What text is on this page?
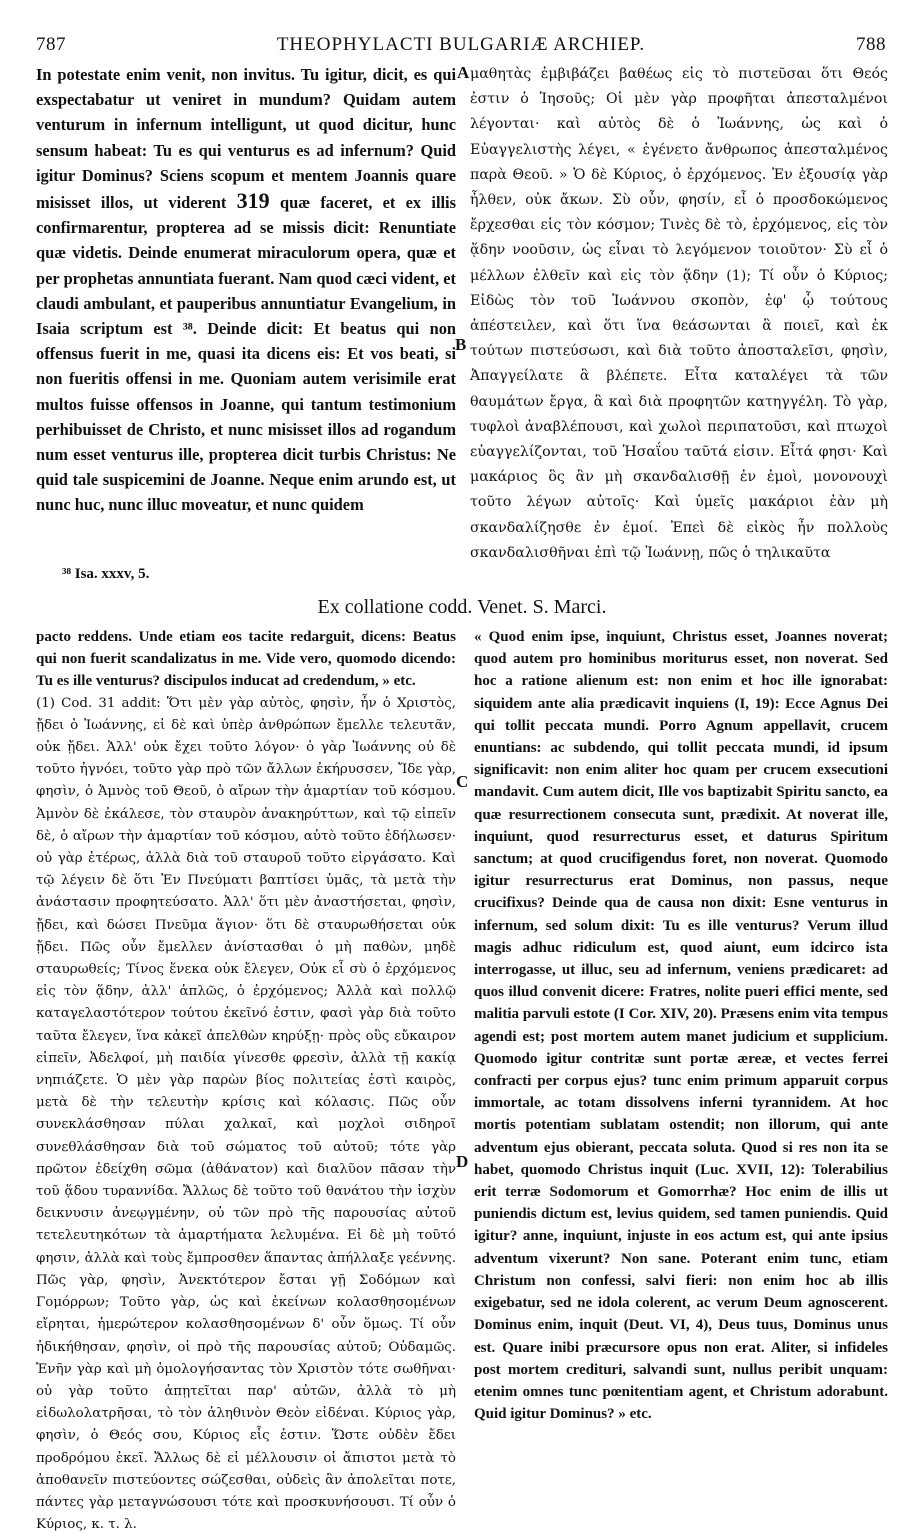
787	THEOPHYLACTI BULGARIÆ ARCHIEP.	788

In potestate enim venit, non invitus. Tu igitur, dicit, es qui exspectabatur ut veniret in mundum? Quidam autem venturum in infernum intelligunt, ut quod dicitur, hunc sensum habeat: Tu es qui venturus es ad infernum? Quid igitur Dominus? Sciens scopum et mentem Joannis quare misisset illos, ut viderent 319 quæ faceret, et ex illis confirmarentur, propterea ad se missis dicit: Renuntiate quæ videtis. Deinde enumerat miraculorum opera, quæ et per prophetas annuntiata fuerant. Nam quod cæci vident, et claudi ambulant, et pauperibus annuntiatur Evangelium, in Isaia scriptum est ³⁸. Deinde dicit: Et beatus qui non offensus fuerit in me, quasi ita dicens eis: Et vos beati, si non fueritis offensi in me. Quoniam autem verisimile erat multos fuisse offensos in Joanne, qui tantum testimonium perhibuisset de Christo, et nunc misisset illos ad rogandum num esset venturus ille, propterea dicit turbis Christus: Ne quid tale suspicemini de Joanne. Neque enim arundo est, ut nunc huc, nunc illuc moveatur, et nunc quidem

A
B

μαθητὰς ἐμβιβάζει βαθέως εἰς τὸ πιστεῦσαι ὅτι Θεός ἐστιν ὁ Ἰησοῦς; Οἱ μὲν γὰρ προφῆται ἀπεσταλμένοι λέγονται· καὶ αὐτὸς δὲ ὁ Ἰωάννης, ὡς καὶ ὁ Εὐαγγελιστὴς λέγει, « ἐγένετο ἄνθρωπος ἀπεσταλμένος παρὰ Θεοῦ. » Ὁ δὲ Κύριος, ὁ ἐρχόμενος. Ἐν ἐξουσίᾳ γὰρ ἦλθεν, οὐκ ἄκων. Σὺ οὖν, φησίν, εἶ ὁ προσδοκώμενος ἔρχεσθαι εἰς τὸν κόσμον; Τινὲς δὲ τὸ, ἐρχόμενος, εἰς τὸν ᾅδην νοοῦσιν, ὡς εἶναι τὸ λεγόμενον τοιοῦτον· Σὺ εἶ ὁ μέλλων ἐλθεῖν καὶ εἰς τὸν ᾅδην (1); Τί οὖν ὁ Κύριος; Εἰδὼς τὸν τοῦ Ἰωάννου σκοπὸν, ἐφ' ᾧ τούτους ἀπέστειλεν, καὶ ὅτι ἵνα θεάσωνται ἃ ποιεῖ, καὶ ἐκ τούτων πιστεύσωσι, καὶ διὰ τοῦτο ἀποσταλεῖσι, φησὶν, Ἀπαγγείλατε ἃ βλέπετε. Εἶτα καταλέγει τὰ τῶν θαυμάτων ἔργα, ἃ καὶ διὰ προφητῶν κατηγγέλη. Τὸ γὰρ, τυφλοὶ ἀναβλέπουσι, καὶ χωλοὶ περιπατοῦσι, καὶ πτωχοὶ εὐαγγελίζονται, τοῦ Ἡσαΐου ταῦτά εἰσιν. Εἶτά φησι· Καὶ μακάριος ὃς ἂν μὴ σκανδαλισθῇ ἐν ἐμοὶ, μονονουχὶ τοῦτο λέγων αὐτοῖς· Καὶ ὑμεῖς μακάριοι ἐὰν μὴ σκανδαλίζησθε ἐν ἐμοί. Ἐπεὶ δὲ εἰκὸς ἦν πολλοὺς σκανδαλισθῆναι ἐπὶ τῷ Ἰωάννῃ, πῶς ὁ τηλικαῦτα

³⁸ Isa. xxxv, 5.
Ex collatione codd. Venet. S. Marci.

pacto reddens. Unde etiam eos tacite redarguit, dicens: Beatus qui non fuerit scandalizatus in me. Vide vero, quomodo dicendo: Tu es ille venturus? discipulos inducat ad credendum, » etc.

(1) Cod. 31 addit: Ὅτι μὲν γὰρ αὐτὸς, φησὶν, ἦν ὁ Χριστὸς, ᾔδει ὁ Ἰωάννης, εἰ δὲ καὶ ὑπὲρ ἀνθρώπων ἔμελλε τελευτᾶν, οὐκ ᾔδει. Ἀλλ' οὐκ ἔχει τοῦτο λόγον· ὁ γὰρ Ἰωάννης οὐ δὲ τοῦτο ἠγνόει, τοῦτο γὰρ πρὸ τῶν ἄλλων ἐκήρυσσεν, Ἴδε γὰρ, φησὶν, ὁ Ἀμνὸς τοῦ Θεοῦ, ὁ αἴρων τὴν ἁμαρτίαν τοῦ κόσμου. Ἀμνὸν δὲ ἐκάλεσε, τὸν σταυρὸν ἀνακηρύττων, καὶ τῷ εἰπεῖν δὲ, ὁ αἴρων τὴν ἁμαρτίαν τοῦ κόσμου, αὐτὸ τοῦτο ἐδήλωσεν· οὐ γὰρ ἑτέρως, ἀλλὰ διὰ τοῦ σταυροῦ τοῦτο εἰργάσατο. Καὶ τῷ λέγειν δὲ ὅτι Ἐν Πνεύματι βαπτίσει ὑμᾶς, τὰ μετὰ τὴν ἀνάστασιν προφητεύσατο. Ἀλλ' ὅτι μὲν ἀναστήσεται, φησὶν, ᾔδει, καὶ δώσει Πνεῦμα ἅγιον· ὅτι δὲ σταυρωθήσεται οὐκ ᾔδει. Πῶς οὖν ἔμελλεν ἀνίστασθαι ὁ μὴ παθὼν, μηδὲ σταυρωθείς; Τίνος ἕνεκα οὐκ ἔλεγεν, Οὐκ εἶ σὺ ὁ ἐρχόμενος εἰς τὸν ᾅδην, ἀλλ' ἁπλῶς, ὁ ἐρχόμενος; Ἀλλὰ καὶ πολλῷ καταγελαστότερον τούτου ἐκεῖνό ἐστιν, φασὶ γὰρ διὰ τοῦτο ταῦτα ἔλεγεν, ἵνα κἀκεῖ ἀπελθὼν κηρύξῃ· πρὸς οὓς εὔκαιρον εἰπεῖν, Ἀδελφοί, μὴ παιδία γίνεσθε φρεσὶν, ἀλλὰ τῇ κακίᾳ νηπιάζετε. Ὁ μὲν γὰρ παρὼν βίος πολιτείας ἐστὶ καιρὸς, μετὰ δὲ τὴν τελευτὴν κρίσις καὶ κόλασις. Πῶς οὖν συνεκλάσθησαν πύλαι χαλκαῖ, καὶ μοχλοὶ σιδηροῖ συνεθλάσθησαν διὰ τοῦ σώματος τοῦ αὐτοῦ; τότε γὰρ πρῶτον ἐδείχθη σῶμα (ἀθάνατον) καὶ διαλῦον πᾶσαν τὴν τοῦ ᾅδου τυραννίδα. Ἄλλως δὲ τοῦτο τοῦ θανάτου τὴν ἰσχὺν δεικνυσιν ἀνεῳγμένην, οὐ τῶν πρὸ τῆς παρουσίας αὐτοῦ τετελευτηκότων τὰ ἁμαρτήματα λελυμένα. Εἰ δὲ μὴ τοῦτό φησιν, ἀλλὰ καὶ τοὺς ἔμπροσθεν ἅπαντας ἀπήλλαξε γεέννης. Πῶς γὰρ, φησὶν, Ἀνεκτότερον ἔσται γῇ Σοδόμων καὶ Γομόρρων; Τοῦτο γὰρ, ὡς καὶ ἐκείνων κολασθησομένων εἴρηται, ἠμερώτερον κολασθησομένων δ' οὖν ὅμως. Τί οὖν ἠδικήθησαν, φησὶν, οἱ πρὸ τῆς παρουσίας αὐτοῦ; Οὐδαμῶς. Ἐνῆν γὰρ καὶ μὴ ὁμολογήσαντας τὸν Χριστὸν τότε σωθῆναι· οὐ γὰρ τοῦτο ἀπῃτεῖται παρ' αὐτῶν, ἀλλὰ τὸ μὴ εἰδωλολατρῆσαι, τὸ τὸν ἀληθινὸν Θεὸν εἰδέναι. Κύριος γὰρ, φησὶν, ὁ Θεός σου, Κύριος εἷς ἐστιν. Ὥστε οὐδὲν ἔδει προδρόμου ἐκεῖ. Ἄλλως δὲ εἰ μέλλουσιν οἱ ἄπιστοι μετὰ τὸ ἀποθανεῖν πιστεύοντες σώζεσθαι, οὐδεὶς ἂν ἀπολεῖται ποτε, πάντες γὰρ μεταγνώσουσι τότε καὶ προσκυνήσουσι. Τί οὖν ὁ Κύριος, κ. τ. λ.

C
D

« Quod enim ipse, inquiunt, Christus esset, Joannes noverat; quod autem pro hominibus moriturus esset, non noverat. Sed hoc a ratione alienum est: non enim et hoc ille ignorabat: siquidem ante alia prædicavit inquiens (I, 19): Ecce Agnus Dei qui tollit peccata mundi. Porro Agnum appellavit, crucem enuntians: ac subdendo, qui tollit peccata mundi, id ipsum significavit: non enim aliter hoc quam per crucem exsecutioni mandavit. Cum autem dicit, Ille vos baptizabit Spiritu sancto, ea quæ resurrectionem consecuta sunt, prædixit. At noverat ille, inquiunt, quod resurrecturus esset, et daturus Spiritum sanctum; at quod crucifigendus foret, non noverat. Quomodo igitur resurrecturus erat Dominus, non passus, neque crucifixus? Deinde qua de causa non dixit: Esne venturus in infernum, sed solum dixit: Tu es ille venturus? Verum illud magis adhuc ridiculum est, quod aiunt, eum idcirco ista interrogasse, ut illuc, seu ad infernum, veniens prædicaret: ad quos illud convenit dicere: Fratres, nolite pueri effici mente, sed malitia parvuli estote (I Cor. XIV, 20). Præsens enim vita tempus agendi est; post mortem autem manet judicium et supplicium. Quomodo igitur contritæ sunt portæ æreæ, et vectes ferrei confracti per corpus ejus? tunc enim primum apparuit corpus immortale, ac totam dissolvens inferni tyrannidem. At hoc mortis potentiam sublatam ostendit; non illorum, qui ante adventum ejus obierant, peccata soluta. Quod si res non ita se habet, quomodo Christus inquit (Luc. XVII, 12): Tolerabilius erit terræ Sodomorum et Gomorrhæ? Hoc enim de illis ut puniendis dictum est, levius quidem, sed tamen puniendis. Quid igitur? anne, inquiunt, injuste in eos actum est, qui ante ipsius adventum vixerunt? Non sane. Poterant enim tunc, etiam Christum non confessi, salvi fieri: non enim hoc ab illis exigebatur, sed ne idola colerent, ac verum Deum agnoscerent. Dominus enim, inquit (Deut. VI, 4), Deus tuus, Dominus unus est. Quare inibi præcursore opus non erat. Aliter, si infideles post mortem crediturі, salvandi sunt, nullus peribit unquam: etenim omnes tunc pœnitentiam agent, et Christum adorabunt. Quid igitur Dominus? » etc.
